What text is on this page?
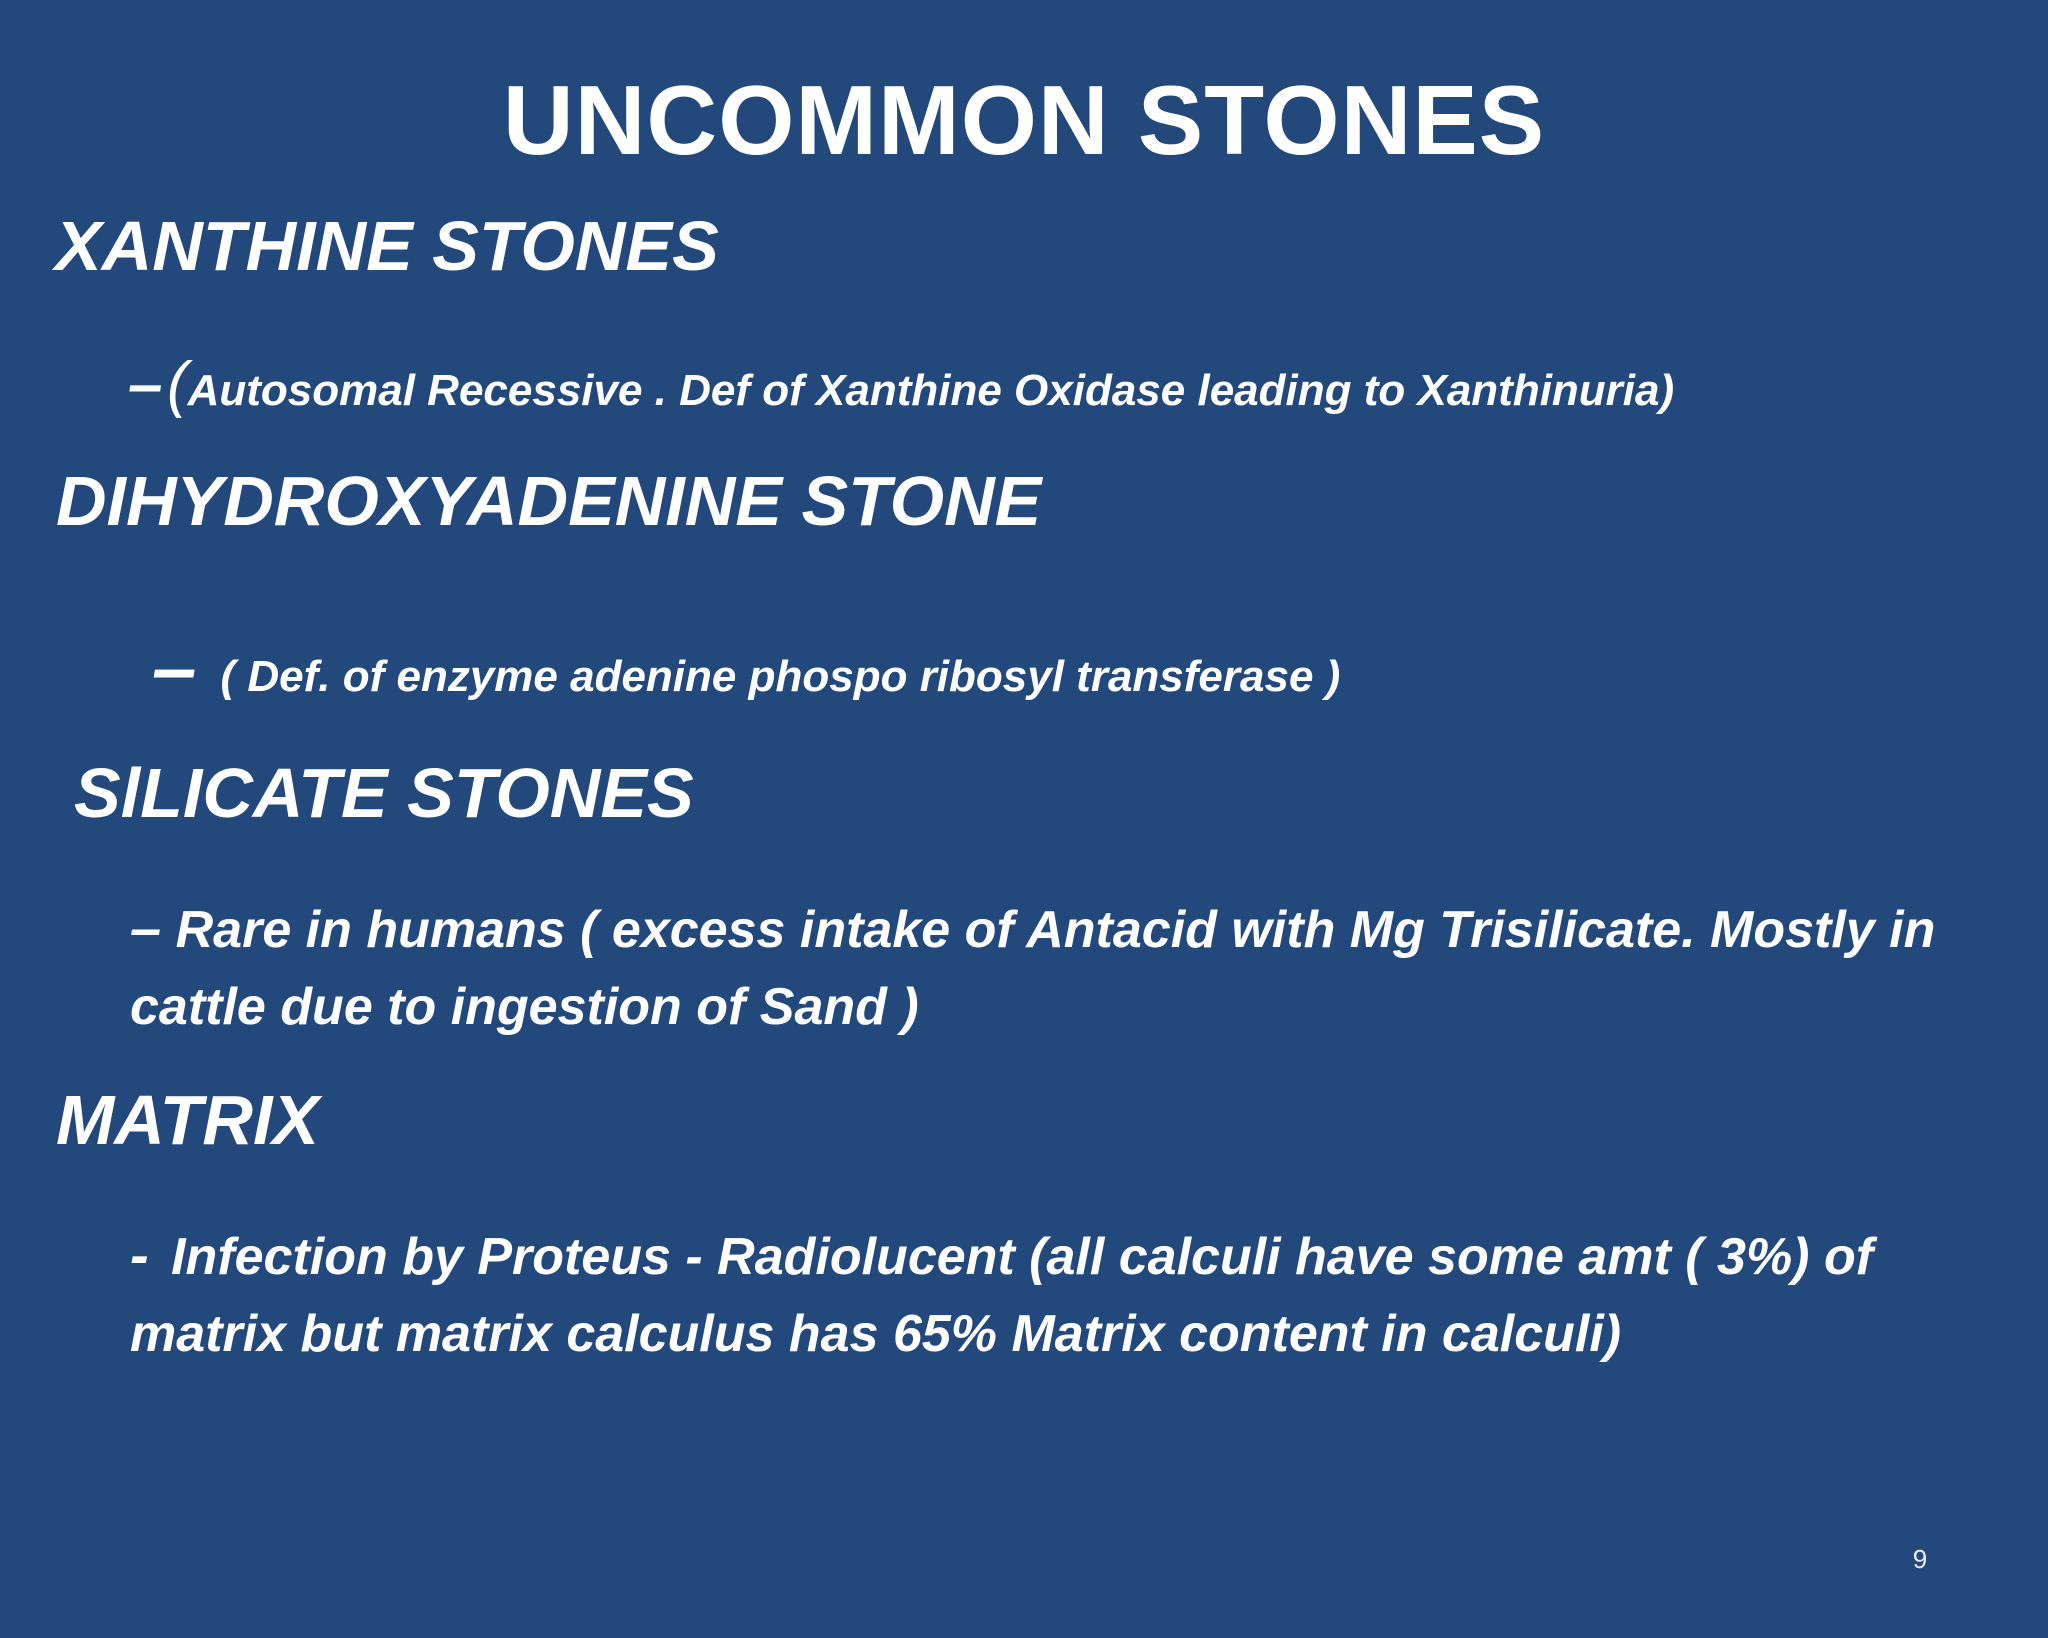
UNCOMMON STONES
XANTHINE STONES
– (Autosomal Recessive . Def of Xanthine Oxidase leading to Xanthinuria)
DIHYDROXYADENINE STONE
– ( Def. of enzyme adenine phospo ribosyl transferase )
SlLICATE STONES
– Rare in humans ( excess intake of Antacid with Mg Trisilicate. Mostly in
cattle due to ingestion of Sand )
MATRIX
- Infection by Proteus - Radiolucent (all calculi have some amt ( 3%) of
matrix but matrix calculus has 65% Matrix content in calculi)
9
